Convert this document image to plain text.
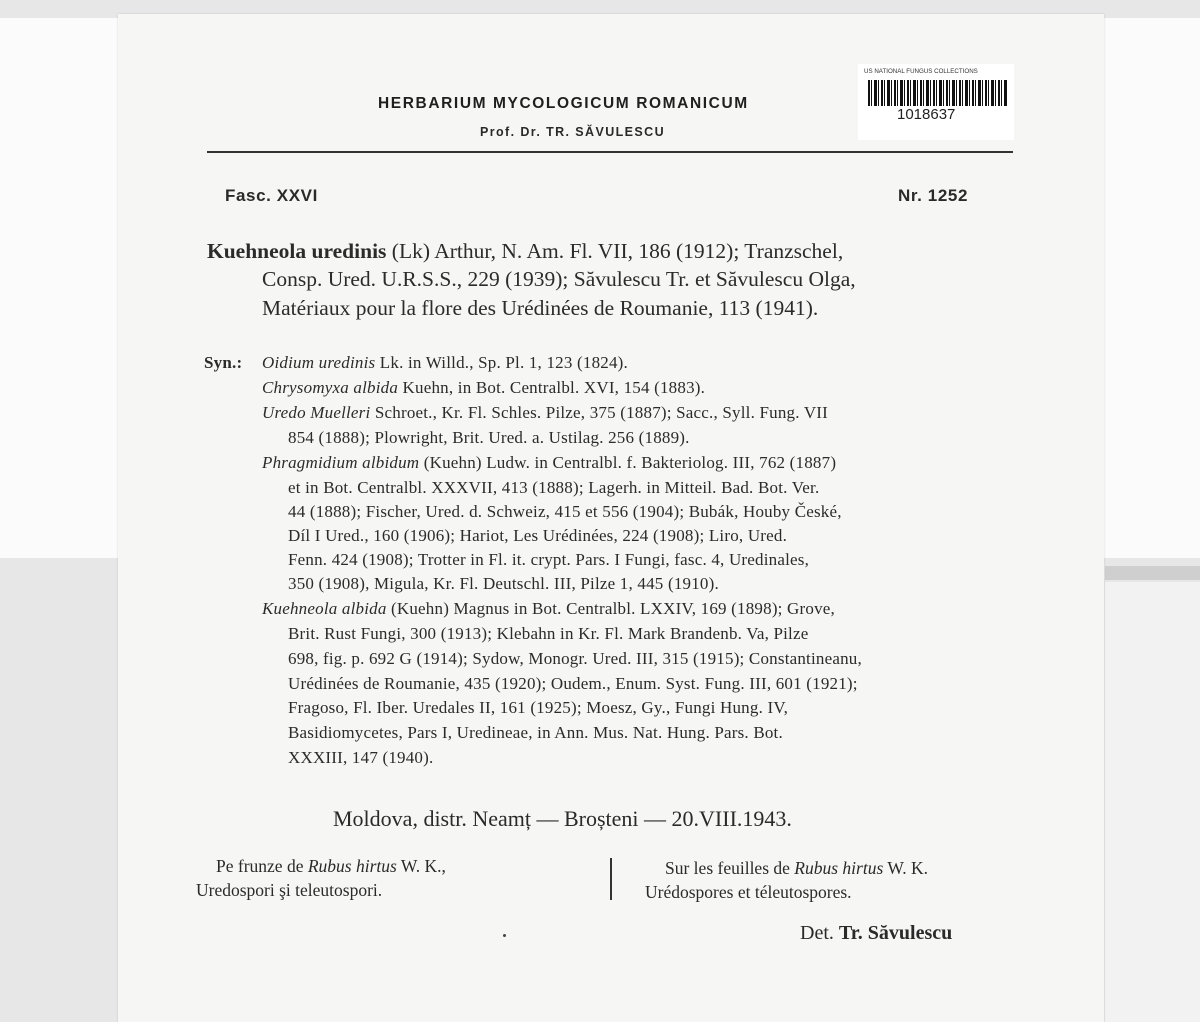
US NATIONAL FUNGUS COLLECTIONS
1018637
HERBARIUM MYCOLOGICUM ROMANICUM
Prof. Dr. TR. SĂVULESCU
Fasc. XXVI	Nr. 1252
Kuehneola uredinis (Lk) Arthur, N. Am. Fl. VII, 186 (1912); Tranzschel,
Consp. Ured. U.R.S.S., 229 (1939); Săvulescu Tr. et Săvulescu Olga,
Matériaux pour la flore des Urédinées de Roumanie, 113 (1941).
Syn.: Oidium uredinis Lk. in Willd., Sp. Pl. 1, 123 (1824).
Chrysomyxa albida Kuehn, in Bot. Centralbl. XVI, 154 (1883).
Uredo Muelleri Schroet., Kr. Fl. Schles. Pilze, 375 (1887); Sacc., Syll. Fung. VII
854 (1888); Plowright, Brit. Ured. a. Ustilag. 256 (1889).
Phragmidium albidum (Kuehn) Ludw. in Centralbl. f. Bakteriolog. III, 762 (1887)
et in Bot. Centralbl. XXXVII, 413 (1888); Lagerh. in Mitteil. Bad. Bot. Ver.
44 (1888); Fischer, Ured. d. Schweiz, 415 et 556 (1904); Bubák, Houby České,
Díl I Ured., 160 (1906); Hariot, Les Urédinées, 224 (1908); Liro, Ured.
Fenn. 424 (1908); Trotter in Fl. it. crypt. Pars. I Fungi, fasc. 4, Uredinales,
350 (1908), Migula, Kr. Fl. Deutschl. III, Pilze 1, 445 (1910).
Kuehneola albida (Kuehn) Magnus in Bot. Centralbl. LXXIV, 169 (1898); Grove,
Brit. Rust Fungi, 300 (1913); Klebahn in Kr. Fl. Mark Brandenb. Va, Pilze
698, fig. p. 692 G (1914); Sydow, Monogr. Ured. III, 315 (1915); Constantineanu,
Urédinées de Roumanie, 435 (1920); Oudem., Enum. Syst. Fung. III, 601 (1921);
Fragoso, Fl. Iber. Uredales II, 161 (1925); Moesz, Gy., Fungi Hung. IV,
Basidiomycetes, Pars I, Uredineae, in Ann. Mus. Nat. Hung. Pars. Bot.
XXXIII, 147 (1940).
Moldova, distr. Neamț — Broșteni — 20.VIII.1943.
Pe frunze de Rubus hirtus W. K.,
Uredospori şi teleutospori.
Sur les feuilles de Rubus hirtus W. K.
Urédospores et téleutospores.
Det. Tr. Săvulescu
